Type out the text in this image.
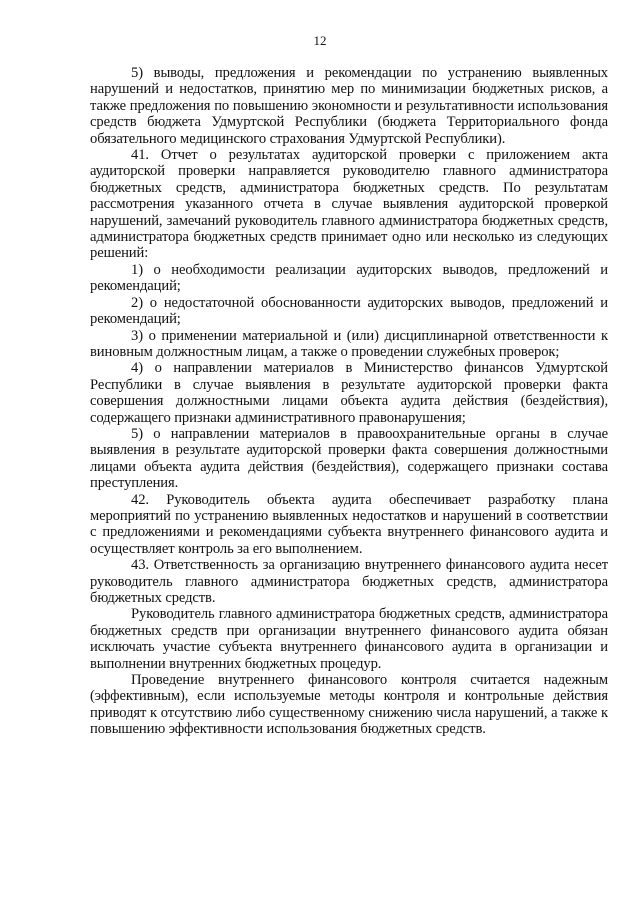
12

5) выводы, предложения и рекомендации по устранению выявленных нарушений и недостатков, принятию мер по минимизации бюджетных рисков, а также предложения по повышению экономности и результативности использования средств бюджета Удмуртской Республики (бюджета Территориального фонда обязательного медицинского страхования Удмуртской Республики).

41. Отчет о результатах аудиторской проверки с приложением акта аудиторской проверки направляется руководителю главного администратора бюджетных средств, администратора бюджетных средств. По результатам рассмотрения указанного отчета в случае выявления аудиторской проверкой нарушений, замечаний руководитель главного администратора бюджетных средств, администратора бюджетных средств принимает одно или несколько из следующих решений:

1) о необходимости реализации аудиторских выводов, предложений и рекомендаций;

2) о недостаточной обоснованности аудиторских выводов, предложений и рекомендаций;

3) о применении материальной и (или) дисциплинарной ответственности к виновным должностным лицам, а также о проведении служебных проверок;

4) о направлении материалов в Министерство финансов Удмуртской Республики в случае выявления в результате аудиторской проверки факта совершения должностными лицами объекта аудита действия (бездействия), содержащего признаки административного правонарушения;

5) о направлении материалов в правоохранительные органы в случае выявления в результате аудиторской проверки факта совершения должностными лицами объекта аудита действия (бездействия), содержащего признаки состава преступления.

42. Руководитель объекта аудита обеспечивает разработку плана мероприятий по устранению выявленных недостатков и нарушений в соответствии с предложениями и рекомендациями субъекта внутреннего финансового аудита и осуществляет контроль за его выполнением.

43. Ответственность за организацию внутреннего финансового аудита несет руководитель главного администратора бюджетных средств, администратора бюджетных средств.

Руководитель главного администратора бюджетных средств, администратора бюджетных средств при организации внутреннего финансового аудита обязан исключать участие субъекта внутреннего финансового аудита в организации и выполнении внутренних бюджетных процедур.

Проведение внутреннего финансового контроля считается надежным (эффективным), если используемые методы контроля и контрольные действия приводят к отсутствию либо существенному снижению числа нарушений, а также к повышению эффективности использования бюджетных средств.
